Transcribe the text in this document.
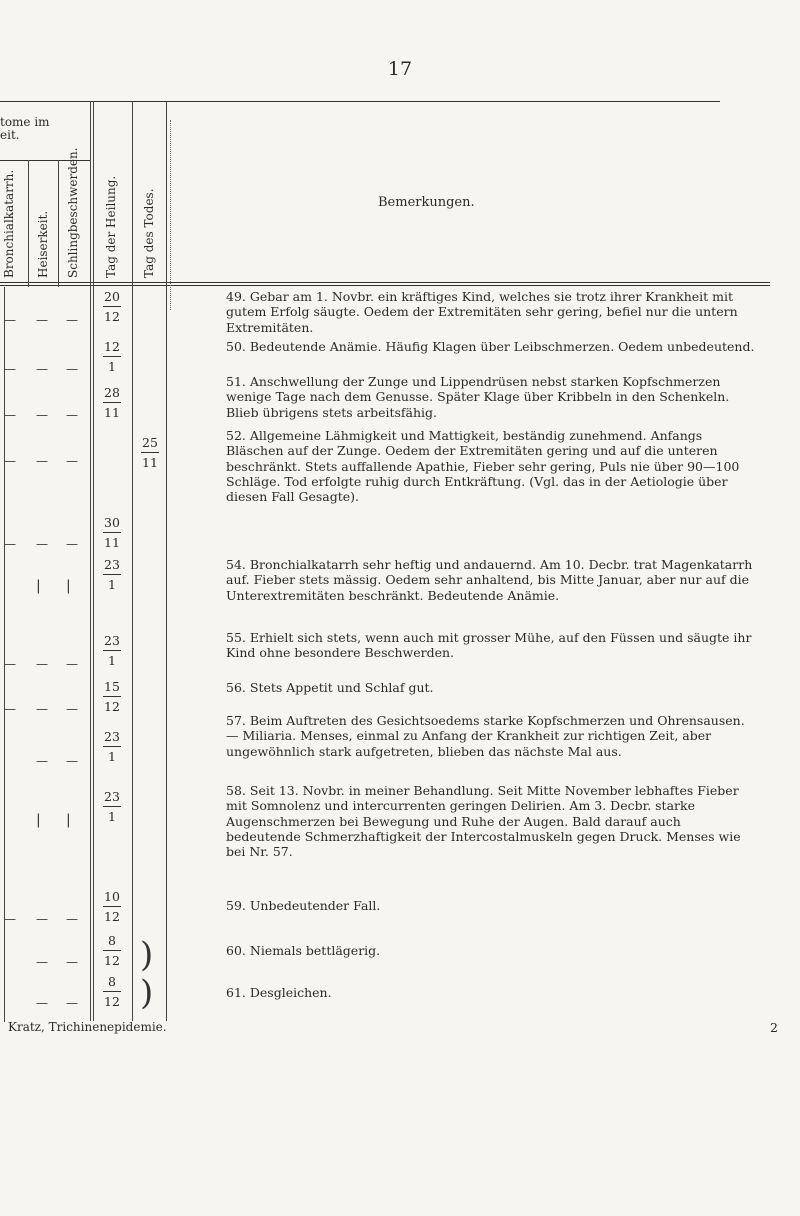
17
tome im
eit.
Bronchialkatarrh. Heiserkeit. Schlingbeschwerden. Tag der Heilung. Tag des Todes.	Bemerkungen.
— — —
— — —
— — —
— — —
— — —
| |
— — —
— — —
— —
| |
— — —
— —
— —
20
12
12
1
28
11
25
11
30
11
23
1
23
1
15
12
23
1
23
1
10
12
8
12
8
12
)
)
49. Gebar am 1. Novbr. ein kräftiges Kind, welches sie trotz ihrer Krankheit mit gutem Erfolg säugte. Oedem der Extremitäten sehr gering, befiel nur die untern Extremitäten.
50. Bedeutende Anämie. Häufig Klagen über Leibschmerzen. Oedem unbedeutend.
51. Anschwellung der Zunge und Lippendrüsen nebst starken Kopfschmerzen wenige Tage nach dem Genusse. Später Klage über Kribbeln in den Schenkeln. Blieb übrigens stets arbeitsfähig.
52. Allgemeine Lähmigkeit und Mattigkeit, beständig zunehmend. Anfangs Bläschen auf der Zunge. Oedem der Extremitäten gering und auf die unteren beschränkt. Stets auffallende Apathie, Fieber sehr gering, Puls nie über 90—100 Schläge. Tod erfolgte ruhig durch Entkräftung. (Vgl. das in der Aetiologie über diesen Fall Gesagte).
54. Bronchialkatarrh sehr heftig und andauernd. Am 10. Decbr. trat Magenkatarrh auf. Fieber stets mässig. Oedem sehr anhaltend, bis Mitte Januar, aber nur auf die Unterextremitäten beschränkt. Bedeutende Anämie.
55. Erhielt sich stets, wenn auch mit grosser Mühe, auf den Füssen und säugte ihr Kind ohne besondere Beschwerden.
56. Stets Appetit und Schlaf gut.
57. Beim Auftreten des Gesichtsoedems starke Kopfschmerzen und Ohrensausen. — Miliaria. Menses, einmal zu Anfang der Krankheit zur richtigen Zeit, aber ungewöhnlich stark aufgetreten, blieben das nächste Mal aus.
58. Seit 13. Novbr. in meiner Behandlung. Seit Mitte November lebhaftes Fieber mit Somnolenz und intercurrenten geringen Delirien. Am 3. Decbr. starke Augenschmerzen bei Bewegung und Ruhe der Augen. Bald darauf auch bedeutende Schmerzhaftigkeit der Intercostalmuskeln gegen Druck. Menses wie bei Nr. 57.
59. Unbedeutender Fall.
60. Niemals bettlägerig.
61. Desgleichen.
Kratz, Trichinenepidemie.	2
